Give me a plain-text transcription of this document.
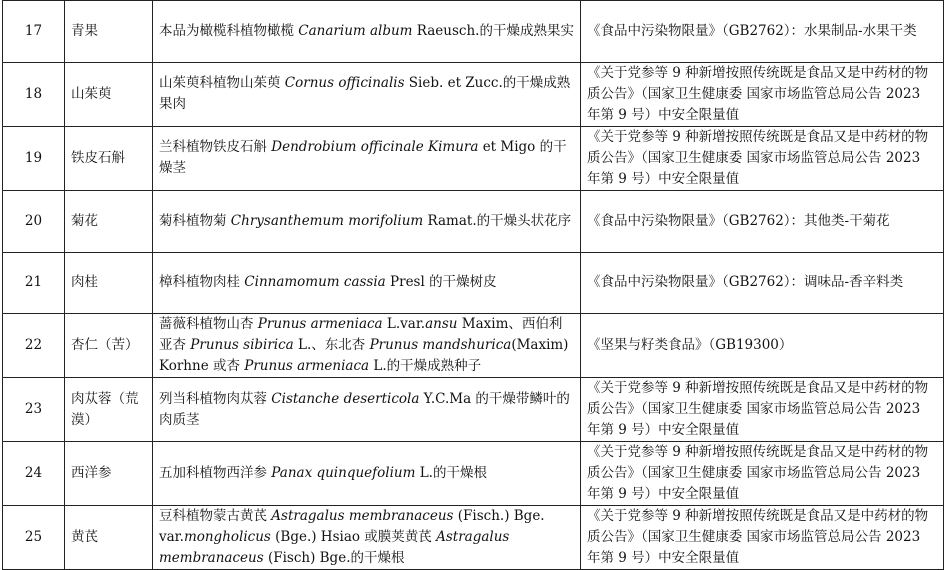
17	青果	本品为橄榄科植物橄榄 Canarium album Raeusch.的干燥成熟果实	《食品中污染物限量》（GB2762）：水果制品-水果干类
18	山茱萸	山茱萸科植物山茱萸 Cornus officinalis Sieb. et Zucc.的干燥成熟果肉	《关于党参等 9 种新增按照传统既是食品又是中药材的物质公告》（国家卫生健康委 国家市场监管总局公告 2023 年第 9 号）中安全限量值
19	铁皮石斛	兰科植物铁皮石斛 Dendrobium officinale Kimura et Migo 的干燥茎	《关于党参等 9 种新增按照传统既是食品又是中药材的物质公告》（国家卫生健康委 国家市场监管总局公告 2023 年第 9 号）中安全限量值
20	菊花	菊科植物菊 Chrysanthemum morifolium Ramat.的干燥头状花序	《食品中污染物限量》（GB2762）：其他类-干菊花
21	肉桂	樟科植物肉桂 Cinnamomum cassia Presl 的干燥树皮	《食品中污染物限量》（GB2762）：调味品-香辛料类
22	杏仁（苦）	蔷薇科植物山杏 Prunus armeniaca L.var.ansu Maxim、西伯利亚杏 Prunus sibirica L.、东北杏 Prunus mandshurica(Maxim) Korhne 或杏 Prunus armeniaca L.的干燥成熟种子	《坚果与籽类食品》（GB19300）
23	肉苁蓉（荒漠）	列当科植物肉苁蓉 Cistanche deserticola Y.C.Ma 的干燥带鳞叶的肉质茎	《关于党参等 9 种新增按照传统既是食品又是中药材的物质公告》（国家卫生健康委 国家市场监管总局公告 2023 年第 9 号）中安全限量值
24	西洋参	五加科植物西洋参 Panax quinquefolium L.的干燥根	《关于党参等 9 种新增按照传统既是食品又是中药材的物质公告》（国家卫生健康委 国家市场监管总局公告 2023 年第 9 号）中安全限量值
25	黄芪	豆科植物蒙古黄芪 Astragalus membranaceus (Fisch.) Bge. var.mongholicus (Bge.) Hsiao 或膜荚黄芪 Astragalus membranaceus (Fisch) Bge.的干燥根	《关于党参等 9 种新增按照传统既是食品又是中药材的物质公告》（国家卫生健康委 国家市场监管总局公告 2023 年第 9 号）中安全限量值
